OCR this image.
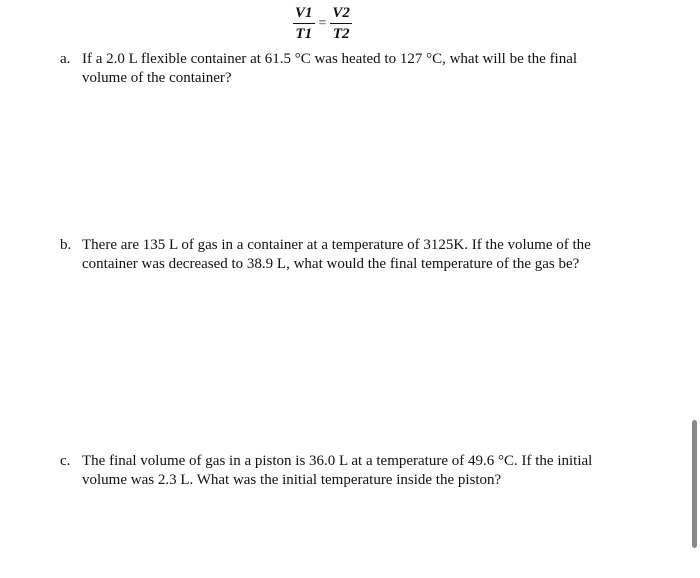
$\frac{V1}{T1} = \frac{V2}{T2}$
a. If a 2.0 L flexible container at 61.5 °C was heated to 127 °C, what will be the final volume of the container?
b. There are 135 L of gas in a container at a temperature of 3125K. If the volume of the container was decreased to 38.9 L, what would the final temperature of the gas be?
c. The final volume of gas in a piston is 36.0 L at a temperature of 49.6 °C. If the initial volume was 2.3 L. What was the initial temperature inside the piston?
